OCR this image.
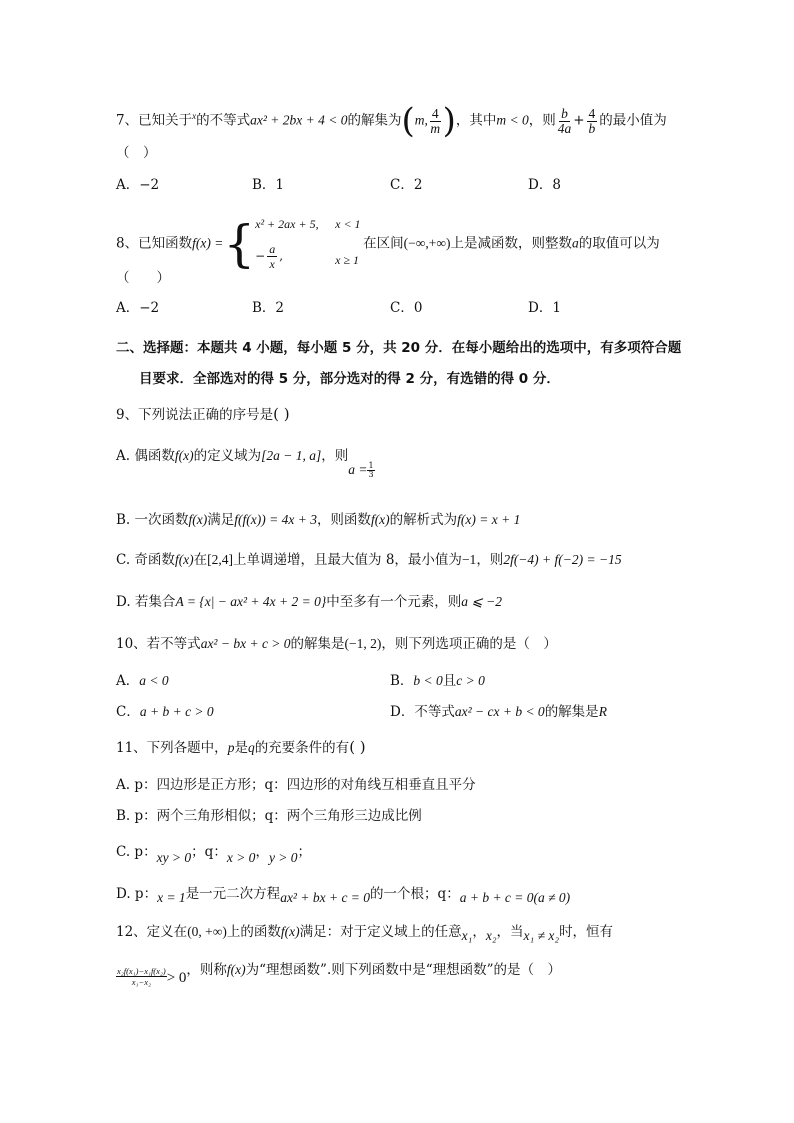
7、已知关于$^x$的不等式ax² + 2bx + 4 < 0的解集为(m, $\frac{4}{m}$ )，其中m < 0，则 $\frac{b}{4a} + \frac{4}{b}$ 的最小值为
（　）
A．−2	B．1	C．2	D．8
8、已知函数f(x) ={ x² + 2ax + 5, x < 1
− $\frac{a}{x}$ ,	x ≥ 1
在区间(−∞,+∞)上是减函数，则整数a的取值可以为
（　　）
A．−2	B．2	C．0	D．1
二、选择题：本题共 4 小题，每小题 5 分，共 20 分．在每小题给出的选项中，有多项符合题
目要求．全部选对的得 5 分，部分选对的得 2 分，有选错的得 0 分．
9、下列说法正确的序号是( )
A. 偶函数f(x)的定义域为[2a − 1, a]，则$a = \frac{1}{3}$
B. 一次函数f(x)满足f(f(x)) = 4x + 3，则函数f(x)的解析式为f(x) = x + 1
C. 奇函数f(x)在[2,4]上单调递增，且最大值为 8，最小值为−1，则2f(−4) + f(−2) = −15
D. 若集合A = {x| − ax² + 4x + 2 = 0}中至多有一个元素，则a ⩽ −2
10、若不等式ax² − bx + c > 0的解集是(−1, 2)，则下列选项正确的是（　）
A．a < 0	B．b < 0且c > 0
C．a + b + c > 0	D．不等式ax² − cx + b < 0的解集是R
11、下列各题中，p是q的充要条件的有( )
A. p：四边形是正方形；q：四边形的对角线互相垂直且平分
B. p：两个三角形相似；q：两个三角形三边成比例
C. p：xy > 0；q：x > 0，y > 0；
D. p：x = 1是一元二次方程ax² + bx + c = 0的一个根；q：a + b + c = 0(a ≠ 0)
12、定义在(0, +∞)上的函数f(x)满足：对于定义域上的任意x₁，x₂，当x₁ ≠ x₂时，恒有
$\frac{\text{x₂f(x₁)−x₁f(x₂)}}{\text{x₁−x₂}} > 0$，则称f(x)为“理想函数”.则下列函数中是“理想函数”的是（　）
